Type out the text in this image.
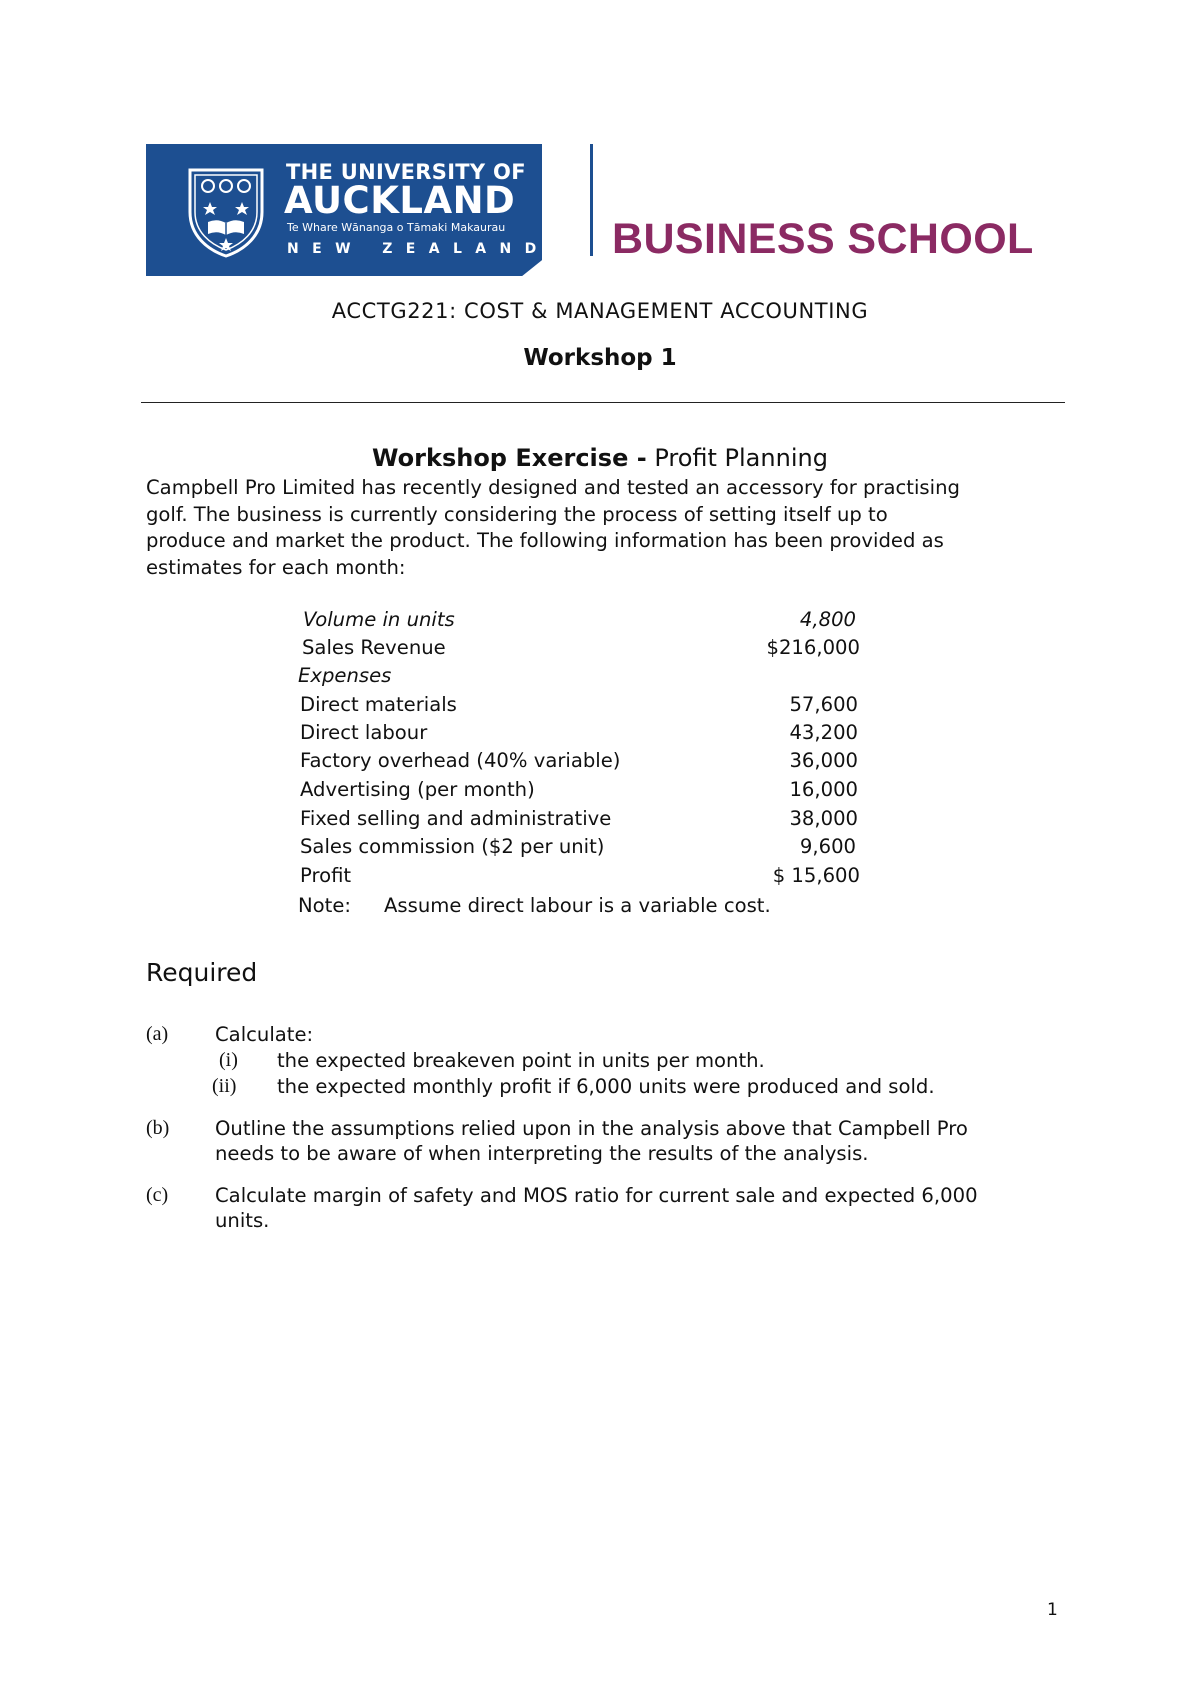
THE UNIVERSITY OF
AUCKLAND
Te Whare Wānanga o Tāmaki Makaurau
NEW ZEALAND BUSINESS SCHOOL
ACCTG221: COST & MANAGEMENT ACCOUNTING
Workshop 1
Workshop Exercise - Profit Planning
Campbell Pro Limited has recently designed and tested an accessory for practising
golf. The business is currently considering the process of setting itself up to
produce and market the product. The following information has been provided as
estimates for each month:
Volume in units	4,800
Sales Revenue	$216,000
Expenses
Direct materials	57,600
Direct labour	43,200
Factory overhead (40% variable)	36,000
Advertising (per month)	16,000
Fixed selling and administrative	38,000
Sales commission ($2 per unit)	9,600
Profit	$ 15,600
Note: Assume direct labour is a variable cost.
Required
(a) Calculate:
(i) the expected breakeven point in units per month.
(ii) the expected monthly profit if 6,000 units were produced and sold.
(b) Outline the assumptions relied upon in the analysis above that Campbell Pro
needs to be aware of when interpreting the results of the analysis.
(c) Calculate margin of safety and MOS ratio for current sale and expected 6,000
units.
1
